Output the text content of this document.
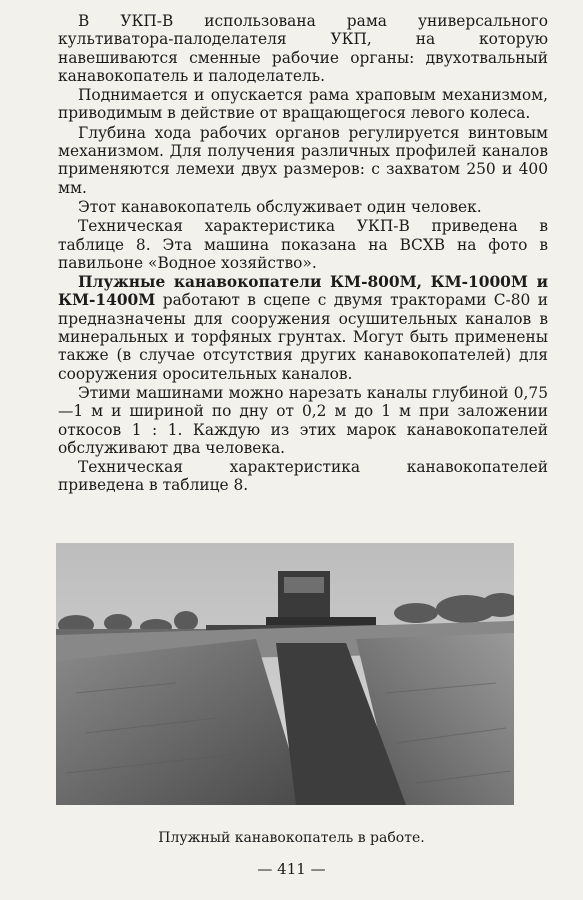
В УКП-В использована рама универсального культиватора-палоделателя УКП, на которую навешиваются сменные рабочие органы: двухотвальный канавокопатель и палоделатель.

Поднимается и опускается рама храповым механизмом, приводимым в действие от вращающегося левого колеса.

Глубина хода рабочих органов регулируется винтовым механизмом. Для получения различных профилей каналов применяются лемехи двух размеров: с захватом 250 и 400 мм.

Этот канавокопатель обслуживает один человек.

Техническая характеристика УКП-В приведена в таблице 8. Эта машина показана на ВСХВ на фото в павильоне «Водное хозяйство».

Плужные канавокопатели КМ-800М, КМ-1000М и КМ-1400М работают в сцепе с двумя тракторами С-80 и предназначены для сооружения осушительных каналов в минеральных и торфяных грунтах. Могут быть применены также (в случае отсутствия других канавокопателей) для сооружения оросительных каналов.

Этими машинами можно нарезать каналы глубиной 0,75—1 м и шириной по дну от 0,2 м до 1 м при заложении откосов 1 : 1. Каждую из этих марок канавокопателей обслуживают два человека.

Техническая характеристика канавокопателей приведена в таблице 8.

Плужный канавокопатель в работе.
— 411 —
